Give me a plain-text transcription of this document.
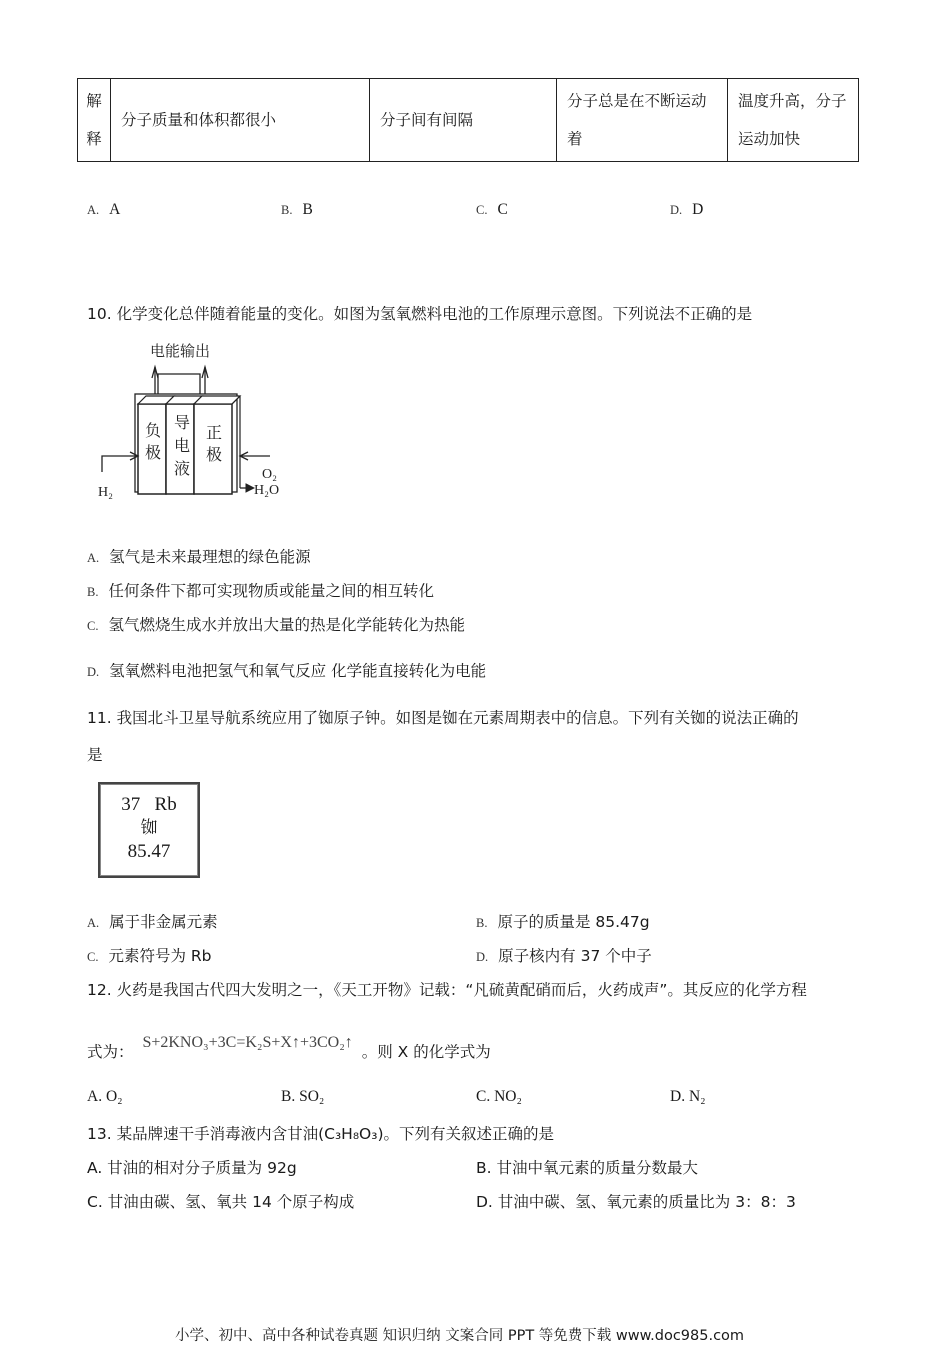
解释
	分子质量和体积都很小	分子间有间隔	分子总是在不断运动着	温度升高，分子运动加快
A. A	B. B	C. C	D. D
10. 化学变化总伴随着能量的变化。如图为氢氧燃料电池的工作原理示意图。下列说法不正确的是
电能输出
负
极
导
电
液
正
极
H₂
O₂
H₂O
A. 氢气是未来最理想的绿色能源
B. 任何条件下都可实现物质或能量之间的相互转化
C. 氢气燃烧生成水并放出大量的热是化学能转化为热能
D. 氢氧燃料电池把氢气和氧气反应 化学能直接转化为电能
11. 我国北斗卫星导航系统应用了铷原子钟。如图是铷在元素周期表中的信息。下列有关铷的说法正确的
是
37 Rb
铷
85.47
A. 属于非金属元素	B. 原子的质量是 85.47g
C. 元素符号为 Rb	D. 原子核内有 37 个中子
12. 火药是我国古代四大发明之一，《天工开物》记载：“凡硫黄配硝而后，火药成声”。其反应的化学方程
式为： S+2KNO₃+3C=K₂S+X↑+3CO₂↑ 。则 X 的化学式为
A. O₂	B. SO₂	C. NO₂	D. N₂
13. 某品牌速干手消毒液内含甘油(C₃H₈O₃)。下列有关叙述正确的是
A. 甘油的相对分子质量为 92g	B. 甘油中氧元素的质量分数最大
C. 甘油由碳、氢、氧共 14 个原子构成	D. 甘油中碳、氢、氧元素的质量比为 3：8：3
小学、初中、高中各种试卷真题 知识归纳 文案合同 PPT 等免费下载 www.doc985.com
